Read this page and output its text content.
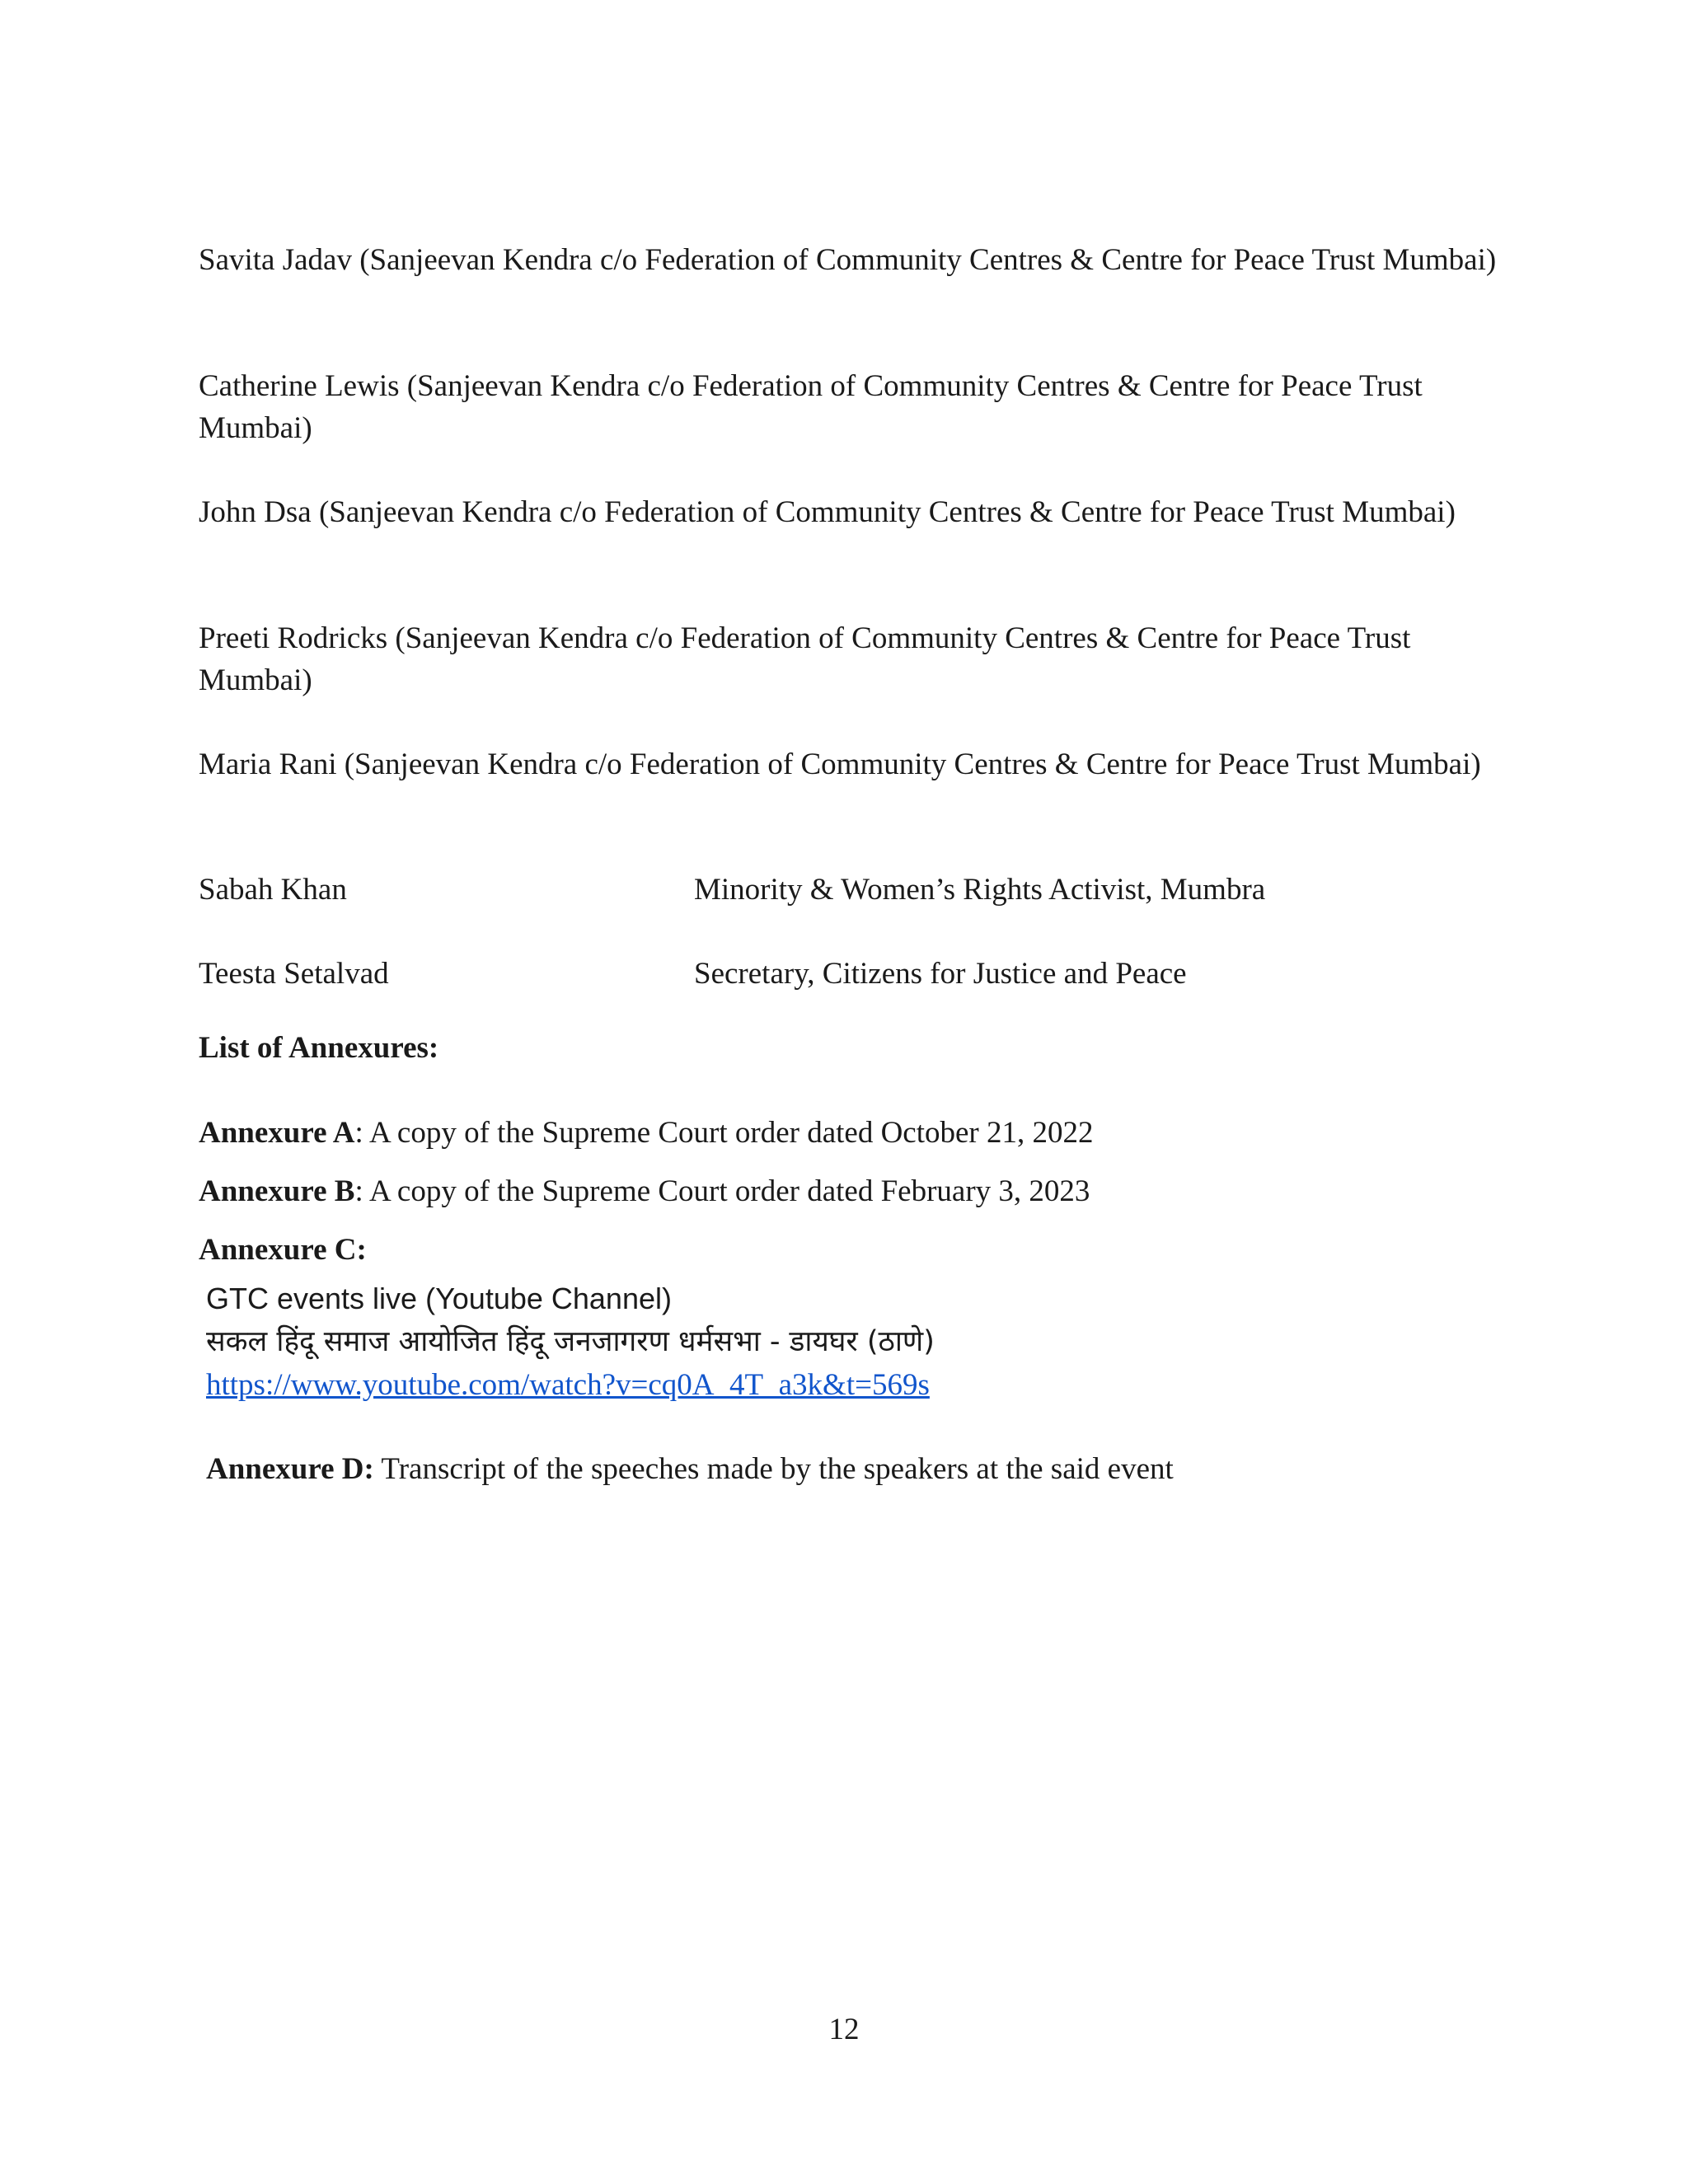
Savita Jadav (Sanjeevan Kendra c/o Federation of Community Centres & Centre for Peace Trust Mumbai)

Catherine Lewis (Sanjeevan Kendra c/o Federation of Community Centres & Centre for Peace Trust Mumbai)

John Dsa (Sanjeevan Kendra c/o Federation of Community Centres & Centre for Peace Trust Mumbai)

Preeti Rodricks (Sanjeevan Kendra c/o Federation of Community Centres & Centre for Peace Trust Mumbai)

Maria Rani (Sanjeevan Kendra c/o Federation of Community Centres & Centre for Peace Trust Mumbai)

Sabah Khan	Minority & Women’s Rights Activist, Mumbra
Teesta Setalvad	Secretary, Citizens for Justice and Peace
List of Annexures:
Annexure A: A copy of the Supreme Court order dated October 21, 2022
Annexure B: A copy of the Supreme Court order dated February 3, 2023
Annexure C:
GTC events live (Youtube Channel)
सकल हिंदू समाज आयोजित हिंदू जनजागरण धर्मसभा - डायघर (ठाणे)
https://www.youtube.com/watch?v=cq0A_4T_a3k&t=569s
Annexure D: Transcript of the speeches made by the speakers at the said event
12
